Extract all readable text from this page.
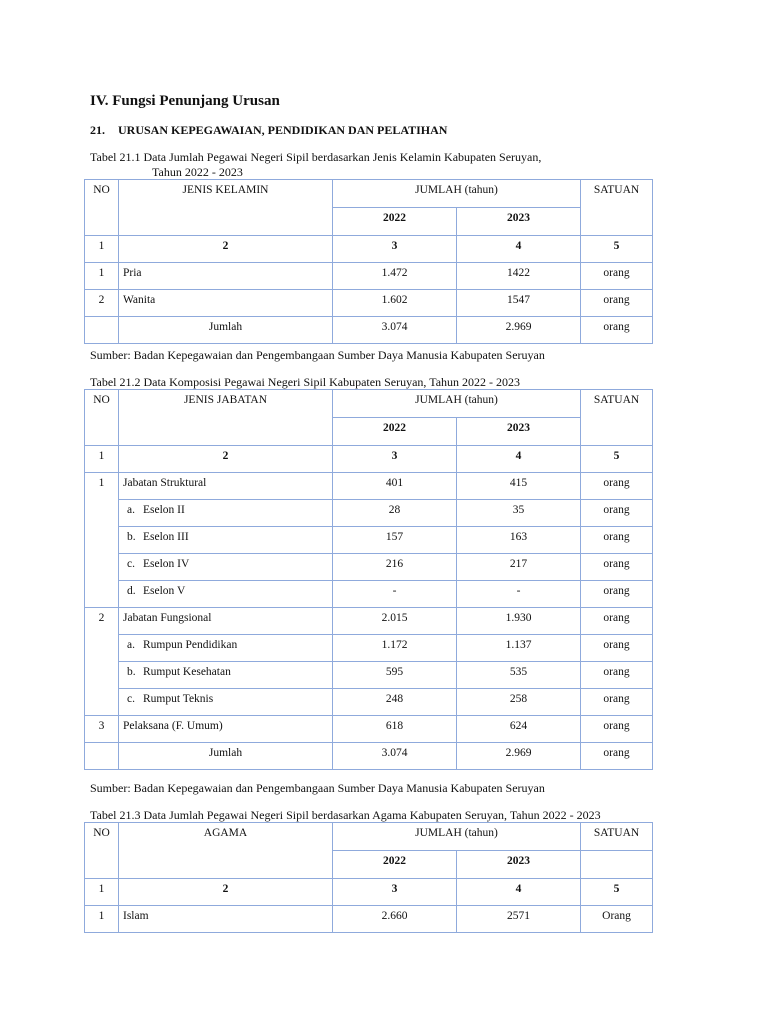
IV. Fungsi Penunjang Urusan
21. URUSAN KEPEGAWAIAN, PENDIDIKAN DAN PELATIHAN
Tabel 21.1 Data Jumlah Pegawai Negeri Sipil berdasarkan Jenis Kelamin Kabupaten Seruyan,
Tahun 2022 - 2023
NO	JENIS KELAMIN	JUMLAH (tahun)		SATUAN
		2022	2023	
1	2	3	4	5
1	Pria	1.472	1422	orang
2	Wanita	1.602	1547	orang
	Jumlah	3.074	2.969	orang
Sumber: Badan Kepegawaian dan Pengembangaan Sumber Daya Manusia Kabupaten Seruyan
Tabel 21.2 Data Komposisi Pegawai Negeri Sipil Kabupaten Seruyan, Tahun 2022 - 2023
NO	JENIS JABATAN	JUMLAH (tahun)		SATUAN
		2022	2023	
1	2	3	4	5
1	Jabatan Struktural	401	415	orang
	a. Eselon II	28	35	orang
	b. Eselon III	157	163	orang
	c. Eselon IV	216	217	orang
	d. Eselon V	-	-	orang
2	Jabatan Fungsional	2.015	1.930	orang
	a. Rumpun Pendidikan	1.172	1.137	orang
	b. Rumput Kesehatan	595	535	orang
	c. Rumput Teknis	248	258	orang
3	Pelaksana (F. Umum)	618	624	orang
	Jumlah	3.074	2.969	orang
Sumber: Badan Kepegawaian dan Pengembangaan Sumber Daya Manusia Kabupaten Seruyan
Tabel 21.3 Data Jumlah Pegawai Negeri Sipil berdasarkan Agama Kabupaten Seruyan, Tahun 2022 - 2023
NO	AGAMA	JUMLAH (tahun)		SATUAN
		2022	2023	
1	2	3	4	5
1	Islam	2.660	2571	Orang
